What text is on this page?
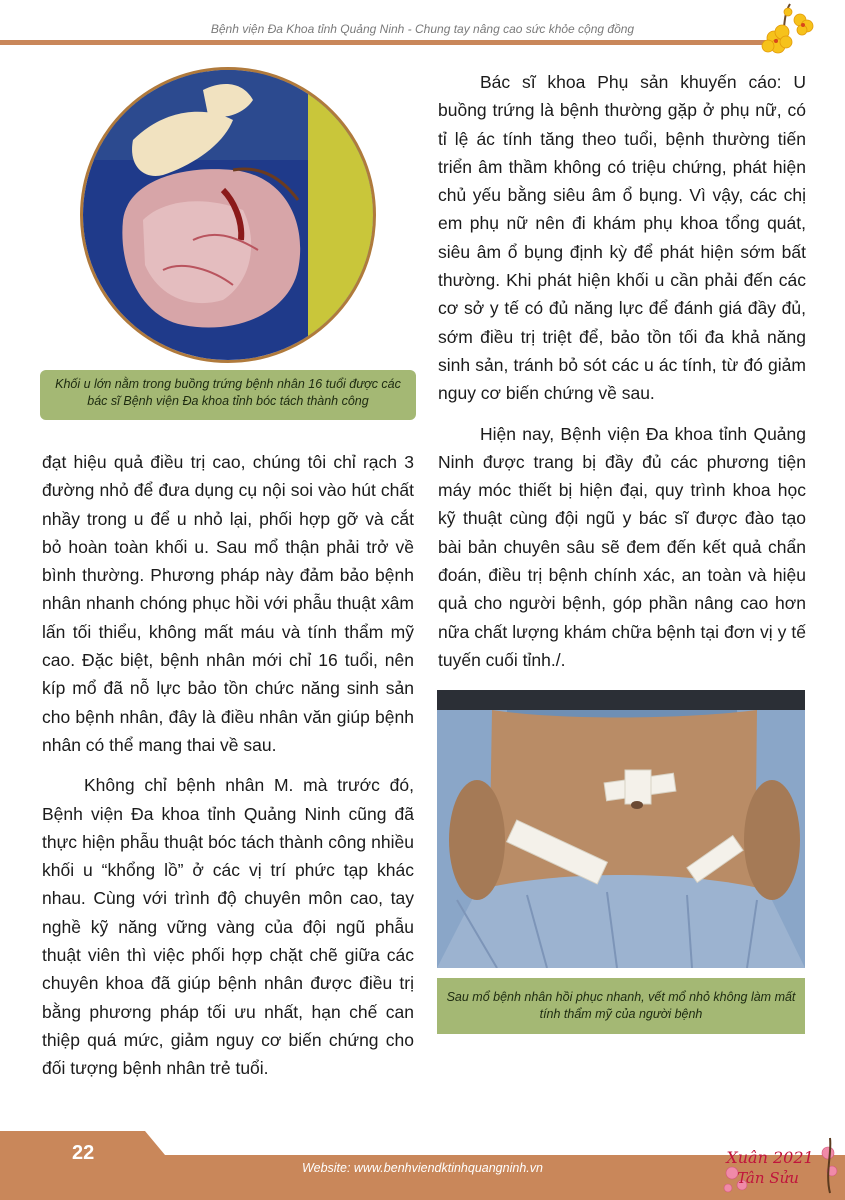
Bệnh viện Đa Khoa tỉnh Quảng Ninh - Chung tay nâng cao sức khỏe cộng đồng
Khối u lớn nằm trong buồng trứng bệnh nhân 16 tuổi được các bác sĩ Bệnh viện Đa khoa tỉnh bóc tách thành công

Bác sĩ khoa Phụ sản khuyến cáo: U buồng trứng là bệnh thường gặp ở phụ nữ, có tỉ lệ ác tính tăng theo tuổi, bệnh thường tiến triển âm thầm không có triệu chứng, phát hiện chủ yếu bằng siêu âm ổ bụng. Vì vậy, các chị em phụ nữ nên đi khám phụ khoa tổng quát, siêu âm ổ bụng định kỳ để phát hiện sớm bất thường. Khi phát hiện khối u cần phải đến các cơ sở y tế có đủ năng lực để đánh giá đầy đủ, sớm điều trị triệt để, bảo tồn tối đa khả năng sinh sản, tránh bỏ sót các u ác tính, từ đó giảm nguy cơ biến chứng về sau.

Hiện nay, Bệnh viện Đa khoa tỉnh Quảng Ninh được trang bị đầy đủ các phương tiện máy móc thiết bị hiện đại, quy trình khoa học kỹ thuật cùng đội ngũ y bác sĩ được đào tạo bài bản chuyên sâu sẽ đem đến kết quả chẩn đoán, điều trị bệnh chính xác, an toàn và hiệu quả cho người bệnh, góp phần nâng cao hơn nữa chất lượng khám chữa bệnh tại đơn vị y tế tuyến cuối tỉnh./.

đạt hiệu quả điều trị cao, chúng tôi chỉ rạch 3 đường nhỏ để đưa dụng cụ nội soi vào hút chất nhầy trong u để u nhỏ lại, phối hợp gỡ và cắt bỏ hoàn toàn khối u. Sau mổ thận phải trở về bình thường. Phương pháp này đảm bảo bệnh nhân nhanh chóng phục hồi với phẫu thuật xâm lấn tối thiểu, không mất máu và tính thẩm mỹ cao. Đặc biệt, bệnh nhân mới chỉ 16 tuổi, nên kíp mổ đã nỗ lực bảo tồn chức năng sinh sản cho bệnh nhân, đây là điều nhân văn giúp bệnh nhân có thể mang thai về sau.

Không chỉ bệnh nhân M. mà trước đó, Bệnh viện Đa khoa tỉnh Quảng Ninh cũng đã thực hiện phẫu thuật bóc tách thành công nhiều khối u “khổng lồ” ở các vị trí phức tạp khác nhau. Cùng với trình độ chuyên môn cao, tay nghề kỹ năng vững vàng của đội ngũ phẫu thuật viên thì việc phối hợp chặt chẽ giữa các chuyên khoa đã giúp bệnh nhân được điều trị bằng phương pháp tối ưu nhất, hạn chế can thiệp quá mức, giảm nguy cơ biến chứng cho đối tượng bệnh nhân trẻ tuổi.

Sau mổ bệnh nhân hồi phục nhanh, vết mổ nhỏ không làm mất tính thẩm mỹ của người bệnh
22
Website: www.benhviendktinhquangninh.vn
Xuân 2021
Tân Sửu
